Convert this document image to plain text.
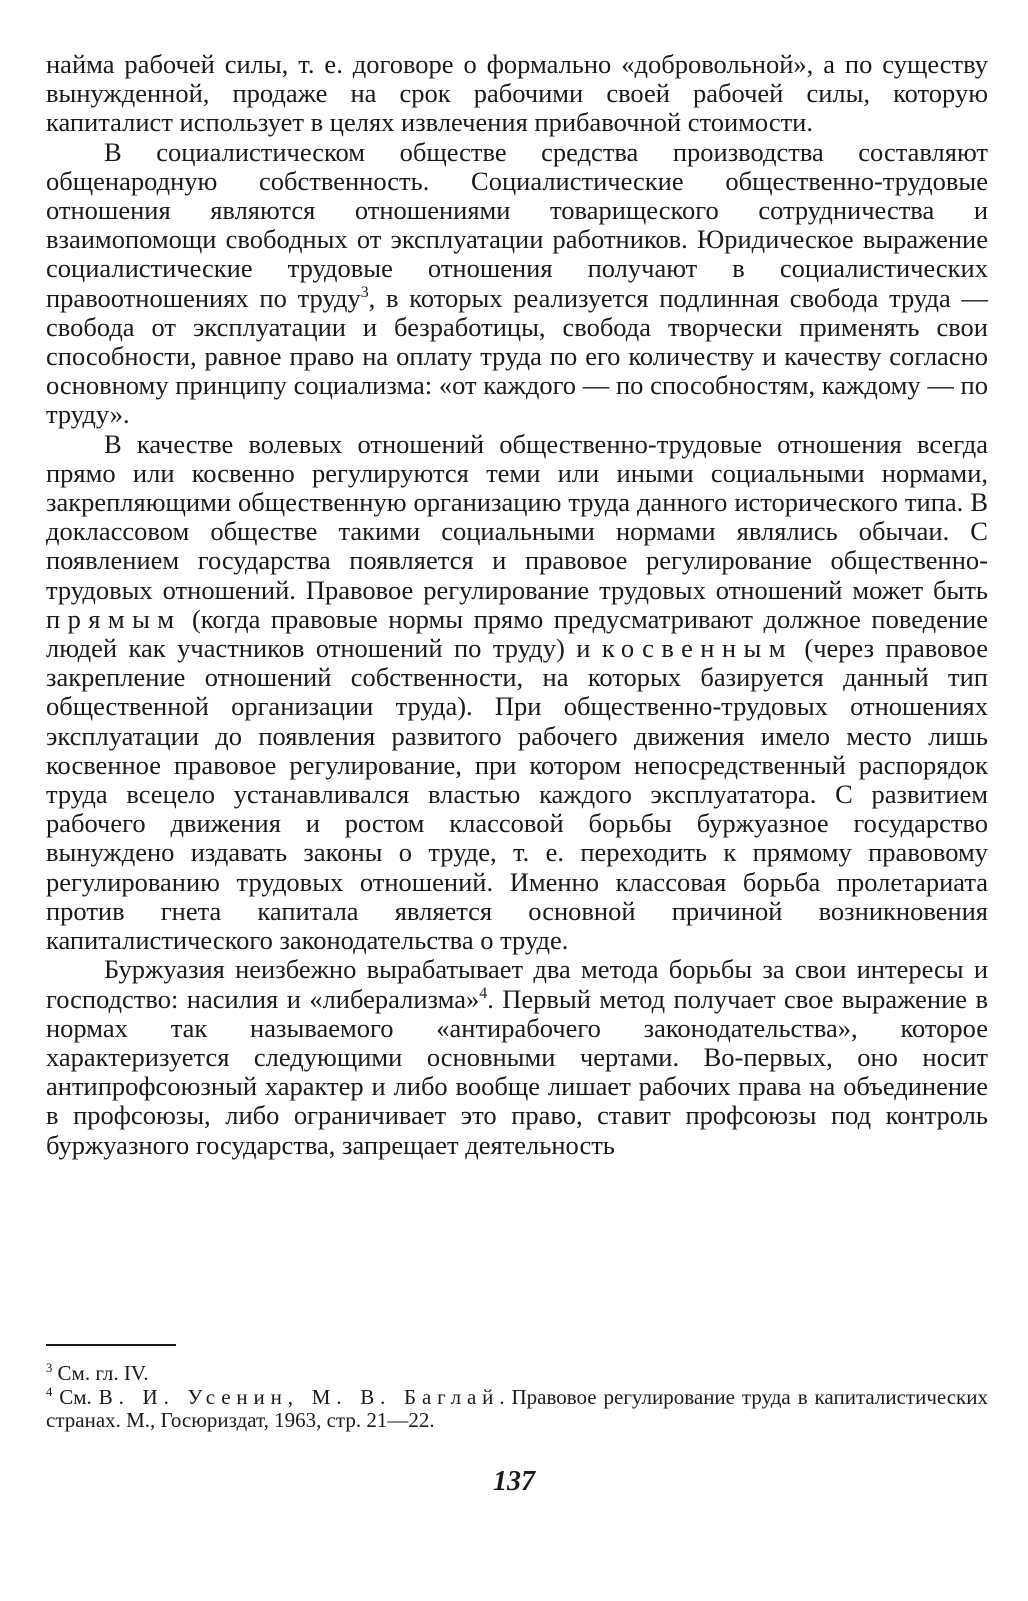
найма рабочей силы, т. е. договоре о формально «добровольной», а по существу вынужденной, продаже на срок рабочими своей рабочей силы, которую капиталист использует в целях извлечения прибавочной стоимости.

В социалистическом обществе средства производства составляют общенародную собственность. Социалистические общественно-трудовые отношения являются отношениями товарищеского сотрудничества и взаимопомощи свободных от эксплуатации работников. Юридическое выражение социалистические трудовые отношения получают в социалистических правоотношениях по труду$^3$, в которых реализуется подлинная свобода труда — свобода от эксплуатации и безработицы, свобода творчески применять свои способности, равное право на оплату труда по его количеству и качеству согласно основному принципу социализма: «от каждого — по способностям, каждому — по труду».

В качестве волевых отношений общественно-трудовые отношения всегда прямо или косвенно регулируются теми или иными социальными нормами, закрепляющими общественную организацию труда данного исторического типа. В доклассовом обществе такими социальными нормами являлись обычаи. С появлением государства появляется и правовое регулирование общественно-трудовых отношений. Правовое регулирование трудовых отношений может быть прямым (когда правовые нормы прямо предусматривают должное поведение людей как участников отношений по труду) и косвенным (через правовое закрепление отношений собственности, на которых базируется данный тип общественной организации труда). При общественно-трудовых отношениях эксплуатации до появления развитого рабочего движения имело место лишь косвенное правовое регулирование, при котором непосредственный распорядок труда всецело устанавливался властью каждого эксплуататора. С развитием рабочего движения и ростом классовой борьбы буржуазное государство вынуждено издавать законы о труде, т. е. переходить к прямому правовому регулированию трудовых отношений. Именно классовая борьба пролетариата против гнета капитала является основной причиной возникновения капиталистического законодательства о труде.

Буржуазия неизбежно вырабатывает два метода борьбы за свои интересы и господство: насилия и «либерализма»$^4$. Первый метод получает свое выражение в нормах так называемого «антирабочего законодательства», которое характеризуется следующими основными чертами. Во-первых, оно носит антипрофсоюзный характер и либо вообще лишает рабочих права на объединение в профсоюзы, либо ограничивает это право, ставит профсоюзы под контроль буржуазного государства, запрещает деятельность

$^3$ См. гл. IV.

$^4$ См. В. И. Усенин, М. В. Баглай. Правовое регулирование труда в капиталистических странах. М., Госюриздат, 1963, стр. 21—22.

137
